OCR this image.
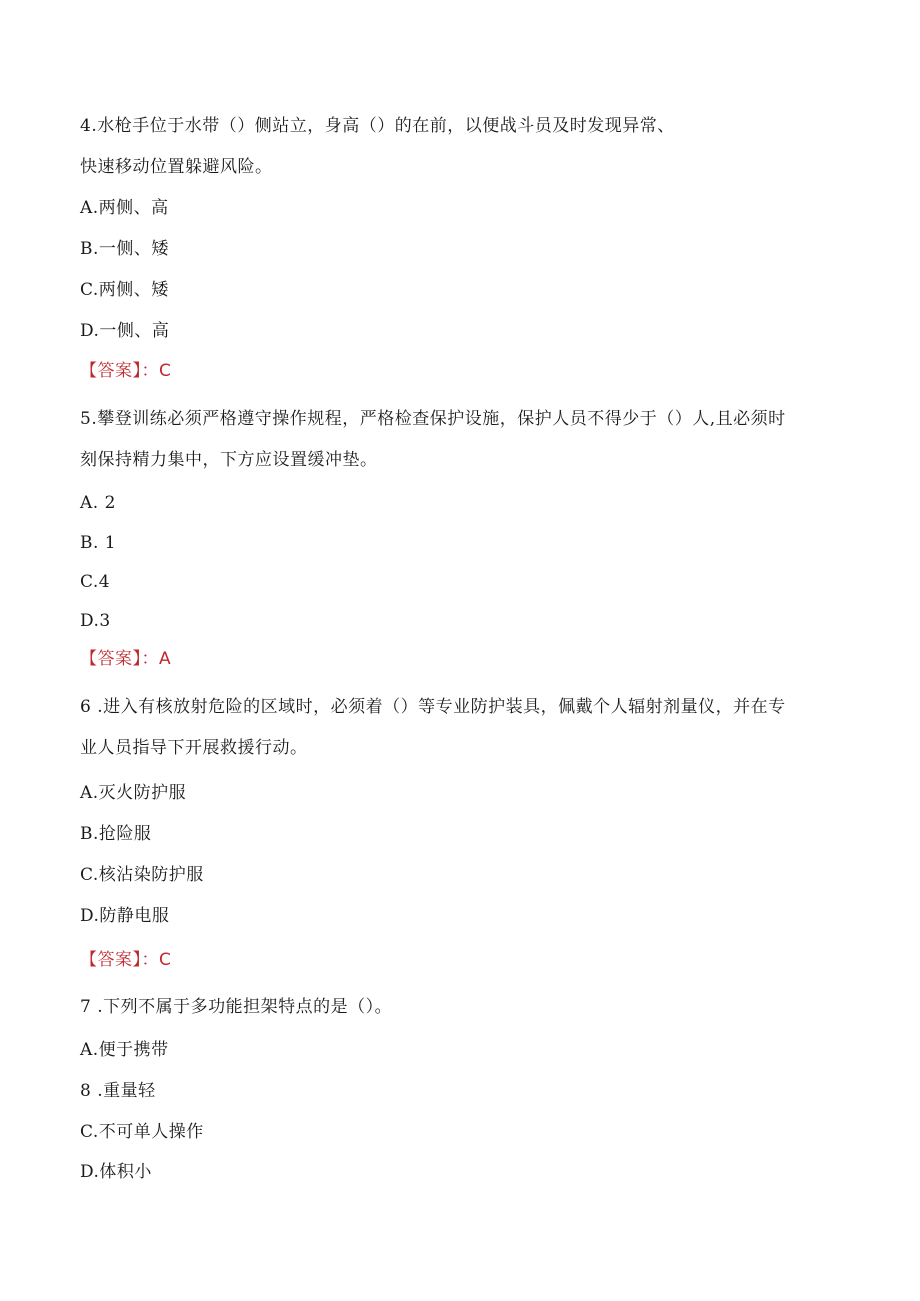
4.水枪手位于水带（）侧站立，身高（）的在前，以便战斗员及时发现异常、
快速移动位置躲避风险。
A.两侧、高
B.一侧、矮
C.两侧、矮
D.一侧、高
【答案】：C
5.攀登训练必须严格遵守操作规程，严格检查保护设施，保护人员不得少于（）人,且必须时
刻保持精力集中，下方应设置缓冲垫。
A. 2
B. 1
C.4
D.3
【答案】：A
6 .进入有核放射危险的区域时，必须着（）等专业防护装具，佩戴个人辐射剂量仪，并在专
业人员指导下开展救援行动。
A.灭火防护服
B.抢险服
C.核沾染防护服
D.防静电服
【答案】：C
7 .下列不属于多功能担架特点的是（）。
A.便于携带
8 .重量轻
C.不可单人操作
D.体积小
